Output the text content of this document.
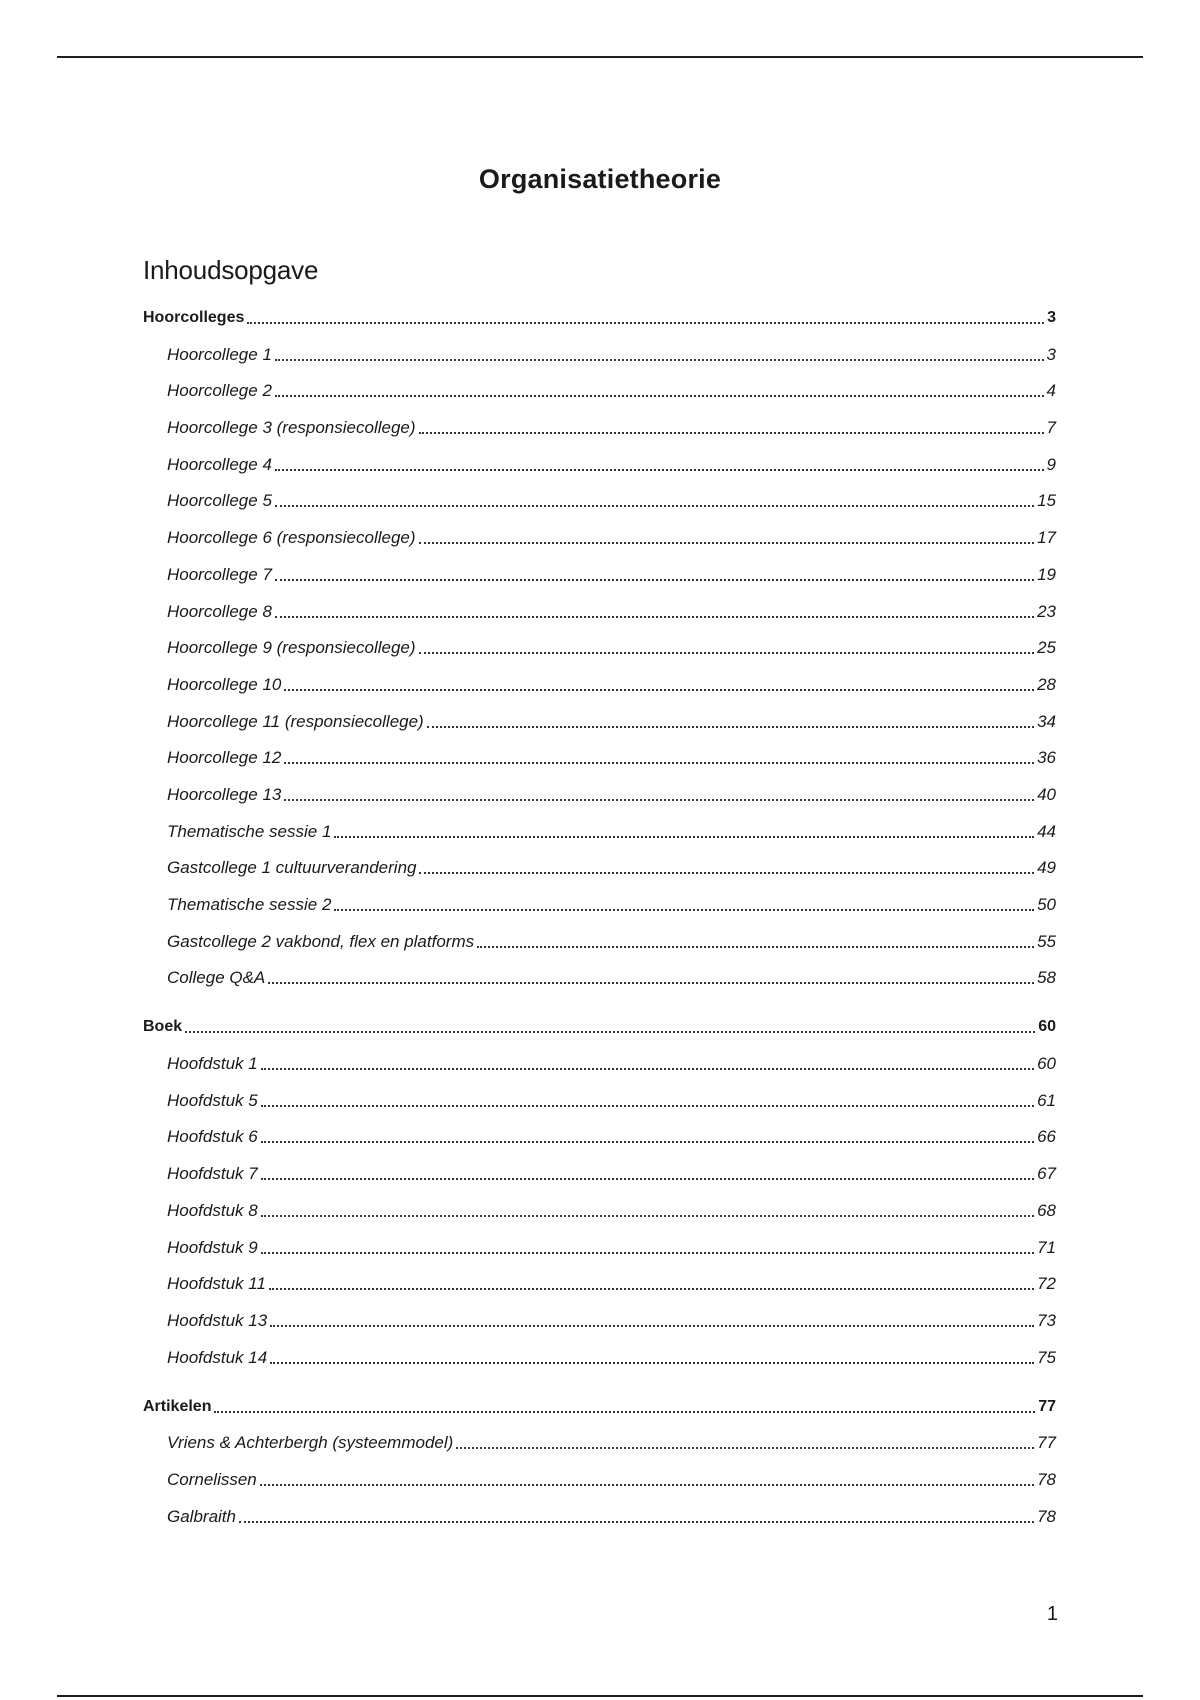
Organisatietheorie
Inhoudsopgave
Hoorcolleges	3
Hoorcollege 1	3
Hoorcollege 2	4
Hoorcollege 3 (responsiecollege)	7
Hoorcollege 4	9
Hoorcollege 5	15
Hoorcollege 6 (responsiecollege)	17
Hoorcollege 7	19
Hoorcollege 8	23
Hoorcollege 9 (responsiecollege)	25
Hoorcollege 10	28
Hoorcollege 11 (responsiecollege)	34
Hoorcollege 12	36
Hoorcollege 13	40
Thematische sessie 1	44
Gastcollege 1 cultuurverandering	49
Thematische sessie 2	50
Gastcollege 2 vakbond, flex en platforms	55
College Q&A	58
Boek	60
Hoofdstuk 1	60
Hoofdstuk 5	61
Hoofdstuk 6	66
Hoofdstuk 7	67
Hoofdstuk 8	68
Hoofdstuk 9	71
Hoofdstuk 11	72
Hoofdstuk 13	73
Hoofdstuk 14	75
Artikelen	77
Vriens & Achterbergh (systeemmodel)	77
Cornelissen	78
Galbraith	78
1
